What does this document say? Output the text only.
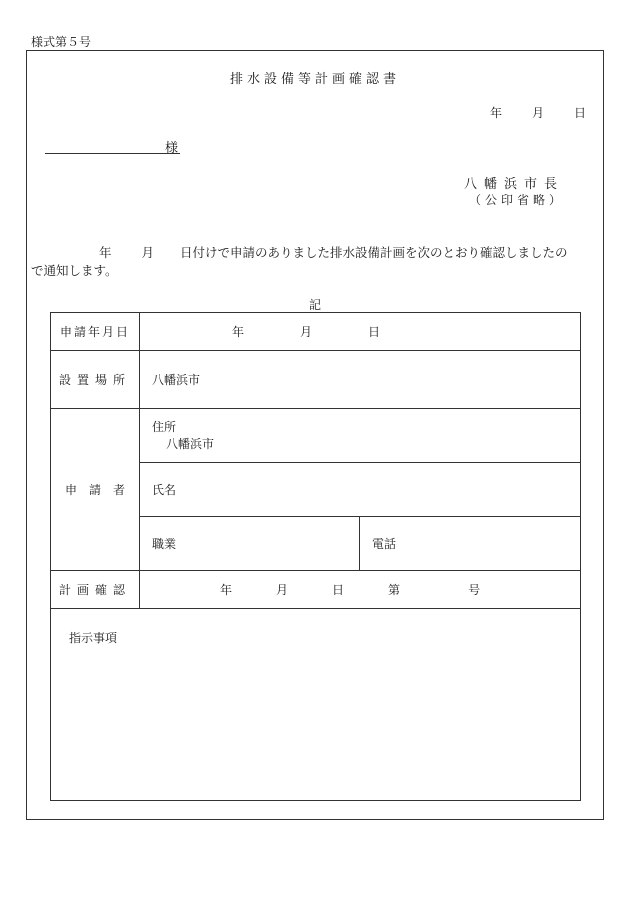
様式第５号
排水設備等計画確認書
年 月 日
様
八幡浜市長
（公印省略）
年 月 日付けで申請のありました排水設備計画を次のとおり確認しましたの
で通知します。
記
申請年月日	年 月 日	
設置場所	八幡浜市	
申　請　者	住所
八幡浜市	
	氏名	
	職業	電話
計画確認	年 月 日 第 号	
指示事項		
